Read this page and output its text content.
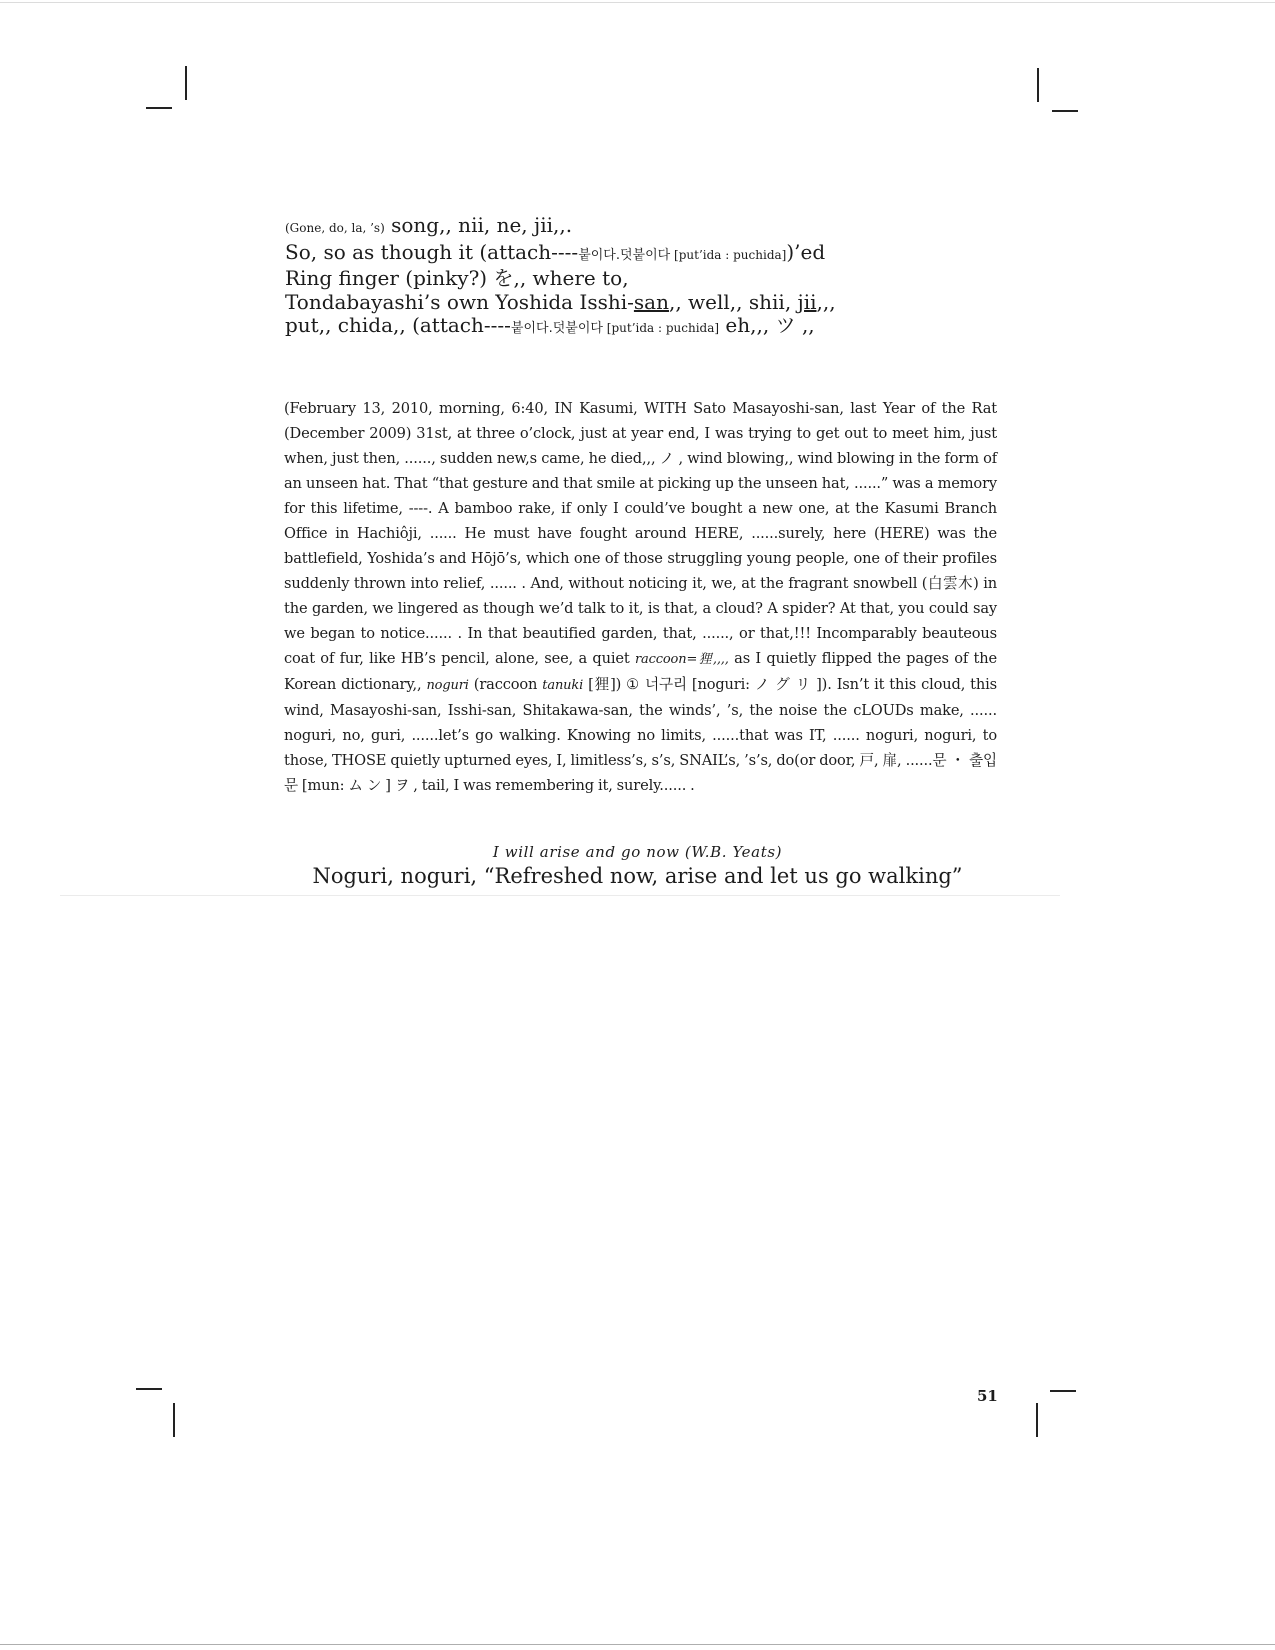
(Gone, do, la, ’s) song,, nii, ne, jii,,.
So, so as though it (attach----붙이다.덧붙이다 [put’ida : puchida])’ed
Ring finger (pinky?) を,, where to,
Tondabayashi’s own Yoshida Isshi-san,, well,, shii, jii,,,
put,, chida,, (attach----붙이다.덧붙이다 [put’ida : puchida] eh,,, ツ ,,
(February 13, 2010, morning, 6:40, IN Kasumi, WITH Sato Masayoshi-san, last Year of the Rat (December 2009) 31st, at three o’clock, just at year end, I was trying to get out to meet him, just when, just then, ......, sudden new,s came, he died,,, ノ , wind blowing,, wind blowing in the form of an unseen hat. That “that gesture and that smile at picking up the unseen hat, ......” was a memory for this lifetime, ----. A bamboo rake, if only I could’ve bought a new one, at the Kasumi Branch Office in Hachiôji, ...... He must have fought around HERE, ......surely, here (HERE) was the battlefield, Yoshida’s and Hōjō’s, which one of those struggling young people, one of their profiles suddenly thrown into relief, ...... . And, without noticing it, we, at the fragrant snowbell (白雲木) in the garden, we lingered as though we’d talk to it, is that, a cloud? A spider? At that, you could say we began to notice...... . In that beautified garden, that, ......, or that,!!! Incomparably beauteous coat of fur, like HB’s pencil, alone, see, a quiet raccoon=狸,,,, as I quietly flipped the pages of the Korean dictionary,, noguri (raccoon tanuki [狸]) ① 너구리 [noguri: ノ グ リ ]). Isn’t it this cloud, this wind, Masayoshi-san, Isshi-san, Shitakawa-san, the winds’, ’s, the noise the cLOUDs make, ...... noguri, no, guri, ......let’s go walking. Knowing no limits, ......that was IT, ...... noguri, noguri, to those, THOSE quietly upturned eyes, I, limitless’s, s’s, SNAIL’s, ’s’s, do(or door, 戸, 扉, ......문 ・ 출입문 [mun: ム ン ] ヲ , tail, I was remembering it, surely...... .
I will arise and go now (W.B. Yeats)
Noguri, noguri, “Refreshed now, arise and let us go walking”
51
